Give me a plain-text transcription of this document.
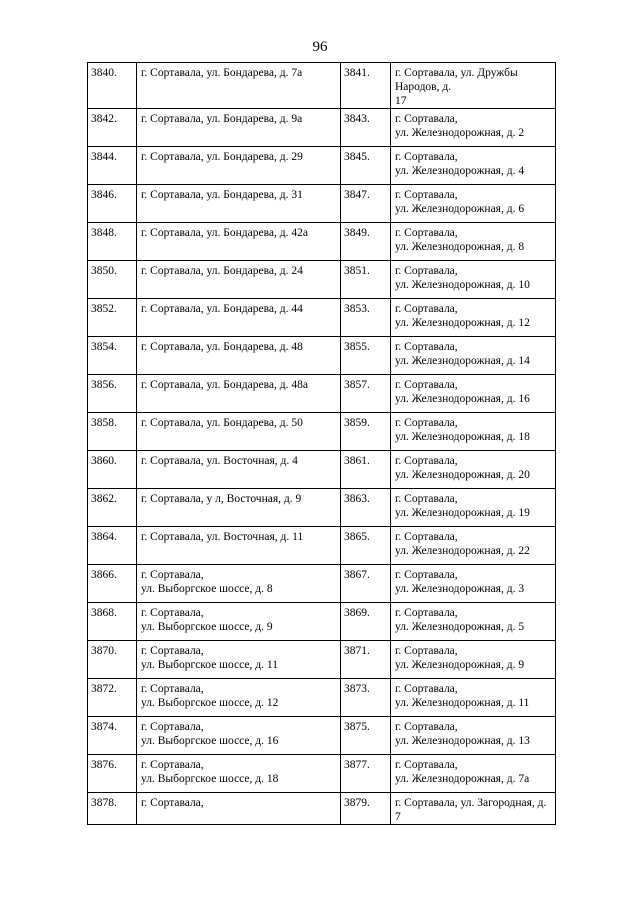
96
3840.	г. Сортавала, ул. Бондарева, д. 7а	3841.	г. Сортавала, ул. Дружбы Народов, д.
17

3842.	г. Сортавала, ул. Бондарева, д. 9а	3843.	г. Сортавала,
ул. Железнодорожная, д. 2

3844.	г. Сортавала, ул. Бондарева, д. 29	3845.	г. Сортавала,
ул. Железнодорожная, д. 4

3846.	г. Сортавала, ул. Бондарева, д. 31	3847.	г. Сортавала,
ул. Железнодорожная, д. 6

3848.	г. Сортавала, ул. Бондарева, д. 42а	3849.	г. Сортавала,
ул. Железнодорожная, д. 8

3850.	г. Сортавала, ул. Бондарева, д. 24	3851.	г. Сортавала,
ул. Железнодорожная, д. 10

3852.	г. Сортавала, ул. Бондарева, д. 44	3853.	г. Сортавала,
ул. Железнодорожная, д. 12

3854.	г. Сортавала, ул. Бондарева, д. 48	3855.	г. Сортавала,
ул. Железнодорожная, д. 14

3856.	г. Сортавала, ул. Бондарева, д. 48а	3857.	г. Сортавала,
ул. Железнодорожная, д. 16

3858.	г. Сортавала, ул. Бондарева, д. 50	3859.	г. Сортавала,
ул. Железнодорожная, д. 18

3860.	г. Сортавала, ул. Восточная, д. 4	3861.	г. Сортавала,
ул. Железнодорожная, д. 20

3862.	г. Сортавала, у л, Восточная, д. 9	3863.	г. Сортавала,
ул. Железнодорожная, д. 19

3864.	г. Сортавала, ул. Восточная, д. 11	3865.	г. Сортавала,
ул. Железнодорожная, д. 22

3866.	г. Сортавала,
ул. Выборгское шоссе, д. 8	3867.	г. Сортавала,
ул. Железнодорожная, д. 3

3868.	г. Сортавала,
ул. Выборгское шоссе, д. 9	3869.	г. Сортавала,
ул. Железнодорожная, д. 5

3870.	г. Сортавала,
ул. Выборгское шоссе, д. 11	3871.	г. Сортавала,
ул. Железнодорожная, д. 9

3872.	г. Сортавала,
ул. Выборгское шоссе, д. 12	3873.	г. Сортавала,
ул. Железнодорожная, д. 11

3874.	г. Сортавала,
ул. Выборгское шоссе, д. 16	3875.	г. Сортавала,
ул. Железнодорожная, д. 13

3876.	г. Сортавала,
ул. Выборгское шоссе, д. 18	3877.	г. Сортавала,
ул. Железнодорожная, д. 7а

3878.	г. Сортавала,	3879.	г. Сортавала, ул. Загородная, д. 7
